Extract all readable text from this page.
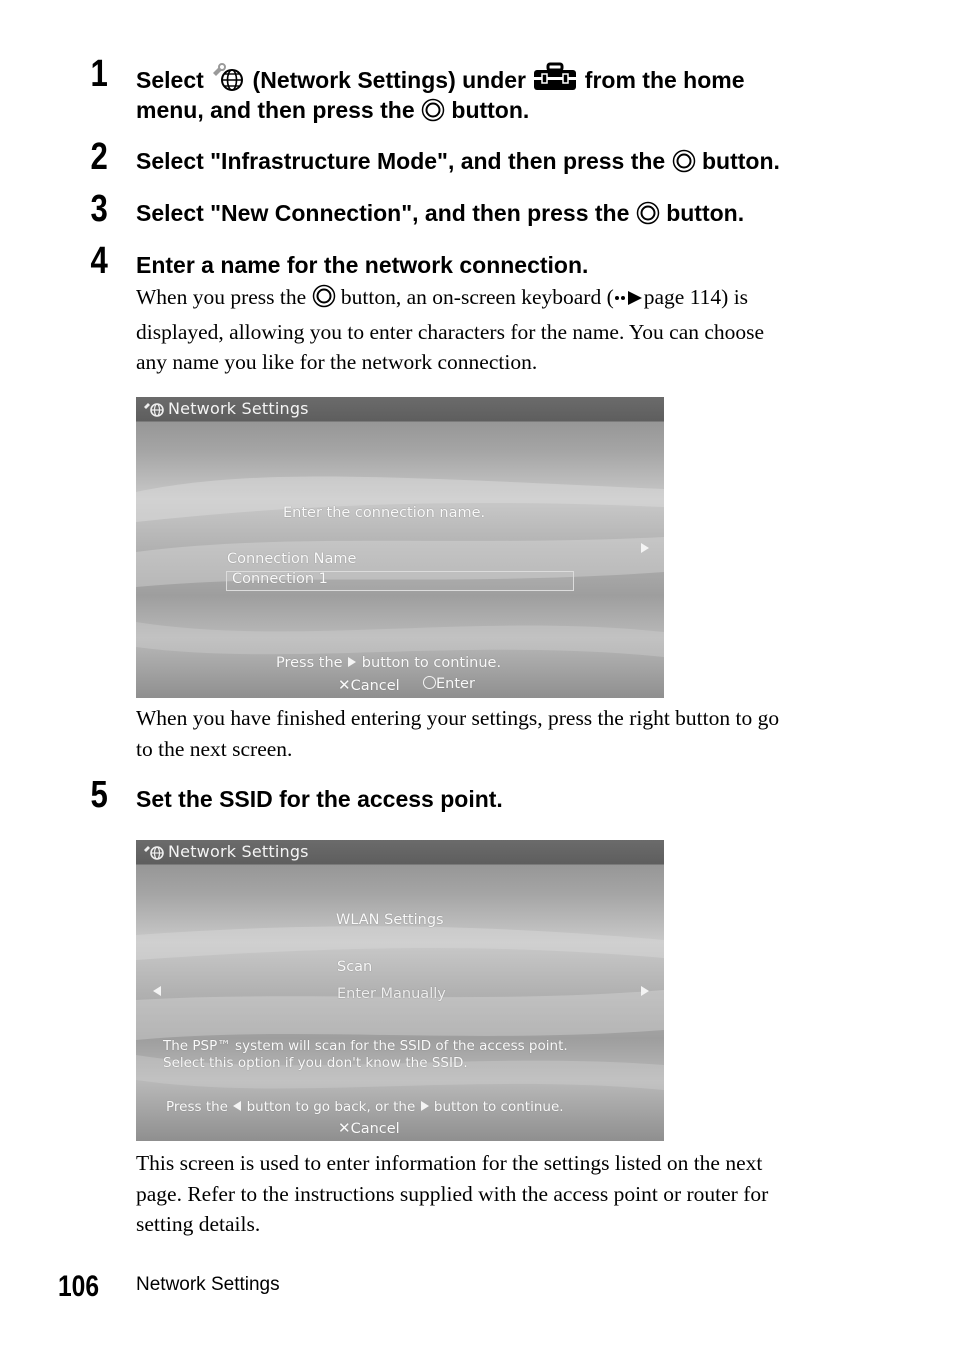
1 Select (Network Settings) under	from the home
menu, and then press the button.
2 Select "Infrastructure Mode", and then press the button.
3 Select "New Connection", and then press the button.
4 Enter a name for the network connection.
When you press the button, an on-screen keyboard ( page 114) is
displayed, allowing you to enter characters for the name. You can choose
any name you like for the network connection.
Network Settings
Enter the connection name.
Connection Name
Connection 1
Press the button to continue.
✕Cancel	Enter
When you have finished entering your settings, press the right button to go
to the next screen.
5 Set the SSID for the access point.
Network Settings
WLAN Settings
Scan
Enter Manually
The PSP™ system will scan for the SSID of the access point.
Select this option if you don't know the SSID.
Press the button to go back, or the button to continue.
✕Cancel
This screen is used to enter information for the settings listed on the next
page. Refer to the instructions supplied with the access point or router for
setting details.
106 Network Settings
